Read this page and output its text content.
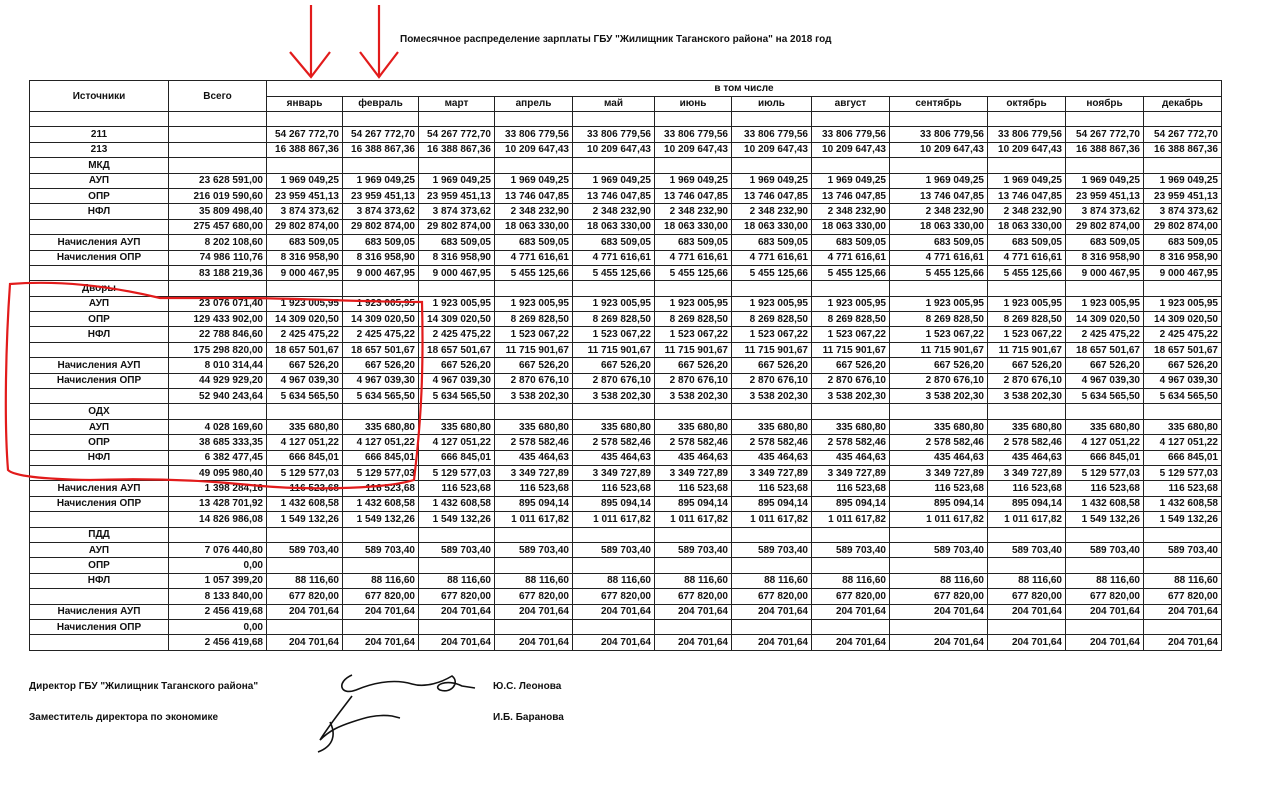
Помесячное распределение зарплаты ГБУ "Жилищник Таганского района" на 2018 год
Источники	Всего	в том числе											
		январь	февраль	март	апрель	май	июнь	июль	август	сентябрь	октябрь	ноябрь	декабрь

211		54 267 772,70	54 267 772,70	54 267 772,70	33 806 779,56	33 806 779,56	33 806 779,56	33 806 779,56	33 806 779,56	33 806 779,56	33 806 779,56	54 267 772,70	54 267 772,70
213		16 388 867,36	16 388 867,36	16 388 867,36	10 209 647,43	10 209 647,43	10 209 647,43	10 209 647,43	10 209 647,43	10 209 647,43	10 209 647,43	16 388 867,36	16 388 867,36
МКД													
АУП	23 628 591,00	1 969 049,25	1 969 049,25	1 969 049,25	1 969 049,25	1 969 049,25	1 969 049,25	1 969 049,25	1 969 049,25	1 969 049,25	1 969 049,25	1 969 049,25	1 969 049,25
ОПР	216 019 590,60	23 959 451,13	23 959 451,13	23 959 451,13	13 746 047,85	13 746 047,85	13 746 047,85	13 746 047,85	13 746 047,85	13 746 047,85	13 746 047,85	23 959 451,13	23 959 451,13
НФЛ	35 809 498,40	3 874 373,62	3 874 373,62	3 874 373,62	2 348 232,90	2 348 232,90	2 348 232,90	2 348 232,90	2 348 232,90	2 348 232,90	2 348 232,90	3 874 373,62	3 874 373,62
	275 457 680,00	29 802 874,00	29 802 874,00	29 802 874,00	18 063 330,00	18 063 330,00	18 063 330,00	18 063 330,00	18 063 330,00	18 063 330,00	18 063 330,00	29 802 874,00	29 802 874,00
Начисления АУП	8 202 108,60	683 509,05	683 509,05	683 509,05	683 509,05	683 509,05	683 509,05	683 509,05	683 509,05	683 509,05	683 509,05	683 509,05	683 509,05
Начисления ОПР	74 986 110,76	8 316 958,90	8 316 958,90	8 316 958,90	4 771 616,61	4 771 616,61	4 771 616,61	4 771 616,61	4 771 616,61	4 771 616,61	4 771 616,61	8 316 958,90	8 316 958,90
	83 188 219,36	9 000 467,95	9 000 467,95	9 000 467,95	5 455 125,66	5 455 125,66	5 455 125,66	5 455 125,66	5 455 125,66	5 455 125,66	5 455 125,66	9 000 467,95	9 000 467,95
Дворы													
АУП	23 076 071,40	1 923 005,95	1 923 005,95	1 923 005,95	1 923 005,95	1 923 005,95	1 923 005,95	1 923 005,95	1 923 005,95	1 923 005,95	1 923 005,95	1 923 005,95	1 923 005,95
ОПР	129 433 902,00	14 309 020,50	14 309 020,50	14 309 020,50	8 269 828,50	8 269 828,50	8 269 828,50	8 269 828,50	8 269 828,50	8 269 828,50	8 269 828,50	14 309 020,50	14 309 020,50
НФЛ	22 788 846,60	2 425 475,22	2 425 475,22	2 425 475,22	1 523 067,22	1 523 067,22	1 523 067,22	1 523 067,22	1 523 067,22	1 523 067,22	1 523 067,22	2 425 475,22	2 425 475,22
	175 298 820,00	18 657 501,67	18 657 501,67	18 657 501,67	11 715 901,67	11 715 901,67	11 715 901,67	11 715 901,67	11 715 901,67	11 715 901,67	11 715 901,67	18 657 501,67	18 657 501,67
Начисления АУП	8 010 314,44	667 526,20	667 526,20	667 526,20	667 526,20	667 526,20	667 526,20	667 526,20	667 526,20	667 526,20	667 526,20	667 526,20	667 526,20
Начисления ОПР	44 929 929,20	4 967 039,30	4 967 039,30	4 967 039,30	2 870 676,10	2 870 676,10	2 870 676,10	2 870 676,10	2 870 676,10	2 870 676,10	2 870 676,10	4 967 039,30	4 967 039,30
	52 940 243,64	5 634 565,50	5 634 565,50	5 634 565,50	3 538 202,30	3 538 202,30	3 538 202,30	3 538 202,30	3 538 202,30	3 538 202,30	3 538 202,30	5 634 565,50	5 634 565,50
ОДХ													
АУП	4 028 169,60	335 680,80	335 680,80	335 680,80	335 680,80	335 680,80	335 680,80	335 680,80	335 680,80	335 680,80	335 680,80	335 680,80	335 680,80
ОПР	38 685 333,35	4 127 051,22	4 127 051,22	4 127 051,22	2 578 582,46	2 578 582,46	2 578 582,46	2 578 582,46	2 578 582,46	2 578 582,46	2 578 582,46	4 127 051,22	4 127 051,22
НФЛ	6 382 477,45	666 845,01	666 845,01	666 845,01	435 464,63	435 464,63	435 464,63	435 464,63	435 464,63	435 464,63	435 464,63	666 845,01	666 845,01
	49 095 980,40	5 129 577,03	5 129 577,03	5 129 577,03	3 349 727,89	3 349 727,89	3 349 727,89	3 349 727,89	3 349 727,89	3 349 727,89	3 349 727,89	5 129 577,03	5 129 577,03
Начисления АУП	1 398 284,16	116 523,68	116 523,68	116 523,68	116 523,68	116 523,68	116 523,68	116 523,68	116 523,68	116 523,68	116 523,68	116 523,68	116 523,68
Начисления ОПР	13 428 701,92	1 432 608,58	1 432 608,58	1 432 608,58	895 094,14	895 094,14	895 094,14	895 094,14	895 094,14	895 094,14	895 094,14	1 432 608,58	1 432 608,58
	14 826 986,08	1 549 132,26	1 549 132,26	1 549 132,26	1 011 617,82	1 011 617,82	1 011 617,82	1 011 617,82	1 011 617,82	1 011 617,82	1 011 617,82	1 549 132,26	1 549 132,26
ПДД													
АУП	7 076 440,80	589 703,40	589 703,40	589 703,40	589 703,40	589 703,40	589 703,40	589 703,40	589 703,40	589 703,40	589 703,40	589 703,40	589 703,40
ОПР	0,00												
НФЛ	1 057 399,20	88 116,60	88 116,60	88 116,60	88 116,60	88 116,60	88 116,60	88 116,60	88 116,60	88 116,60	88 116,60	88 116,60	88 116,60
	8 133 840,00	677 820,00	677 820,00	677 820,00	677 820,00	677 820,00	677 820,00	677 820,00	677 820,00	677 820,00	677 820,00	677 820,00	677 820,00
Начисления АУП	2 456 419,68	204 701,64	204 701,64	204 701,64	204 701,64	204 701,64	204 701,64	204 701,64	204 701,64	204 701,64	204 701,64	204 701,64	204 701,64
Начисления ОПР	0,00												
	2 456 419,68	204 701,64	204 701,64	204 701,64	204 701,64	204 701,64	204 701,64	204 701,64	204 701,64	204 701,64	204 701,64	204 701,64	204 701,64
Директор ГБУ "Жилищник Таганского района"	Ю.С. Леонова
Заместитель директора по экономике	И.Б. Баранова
